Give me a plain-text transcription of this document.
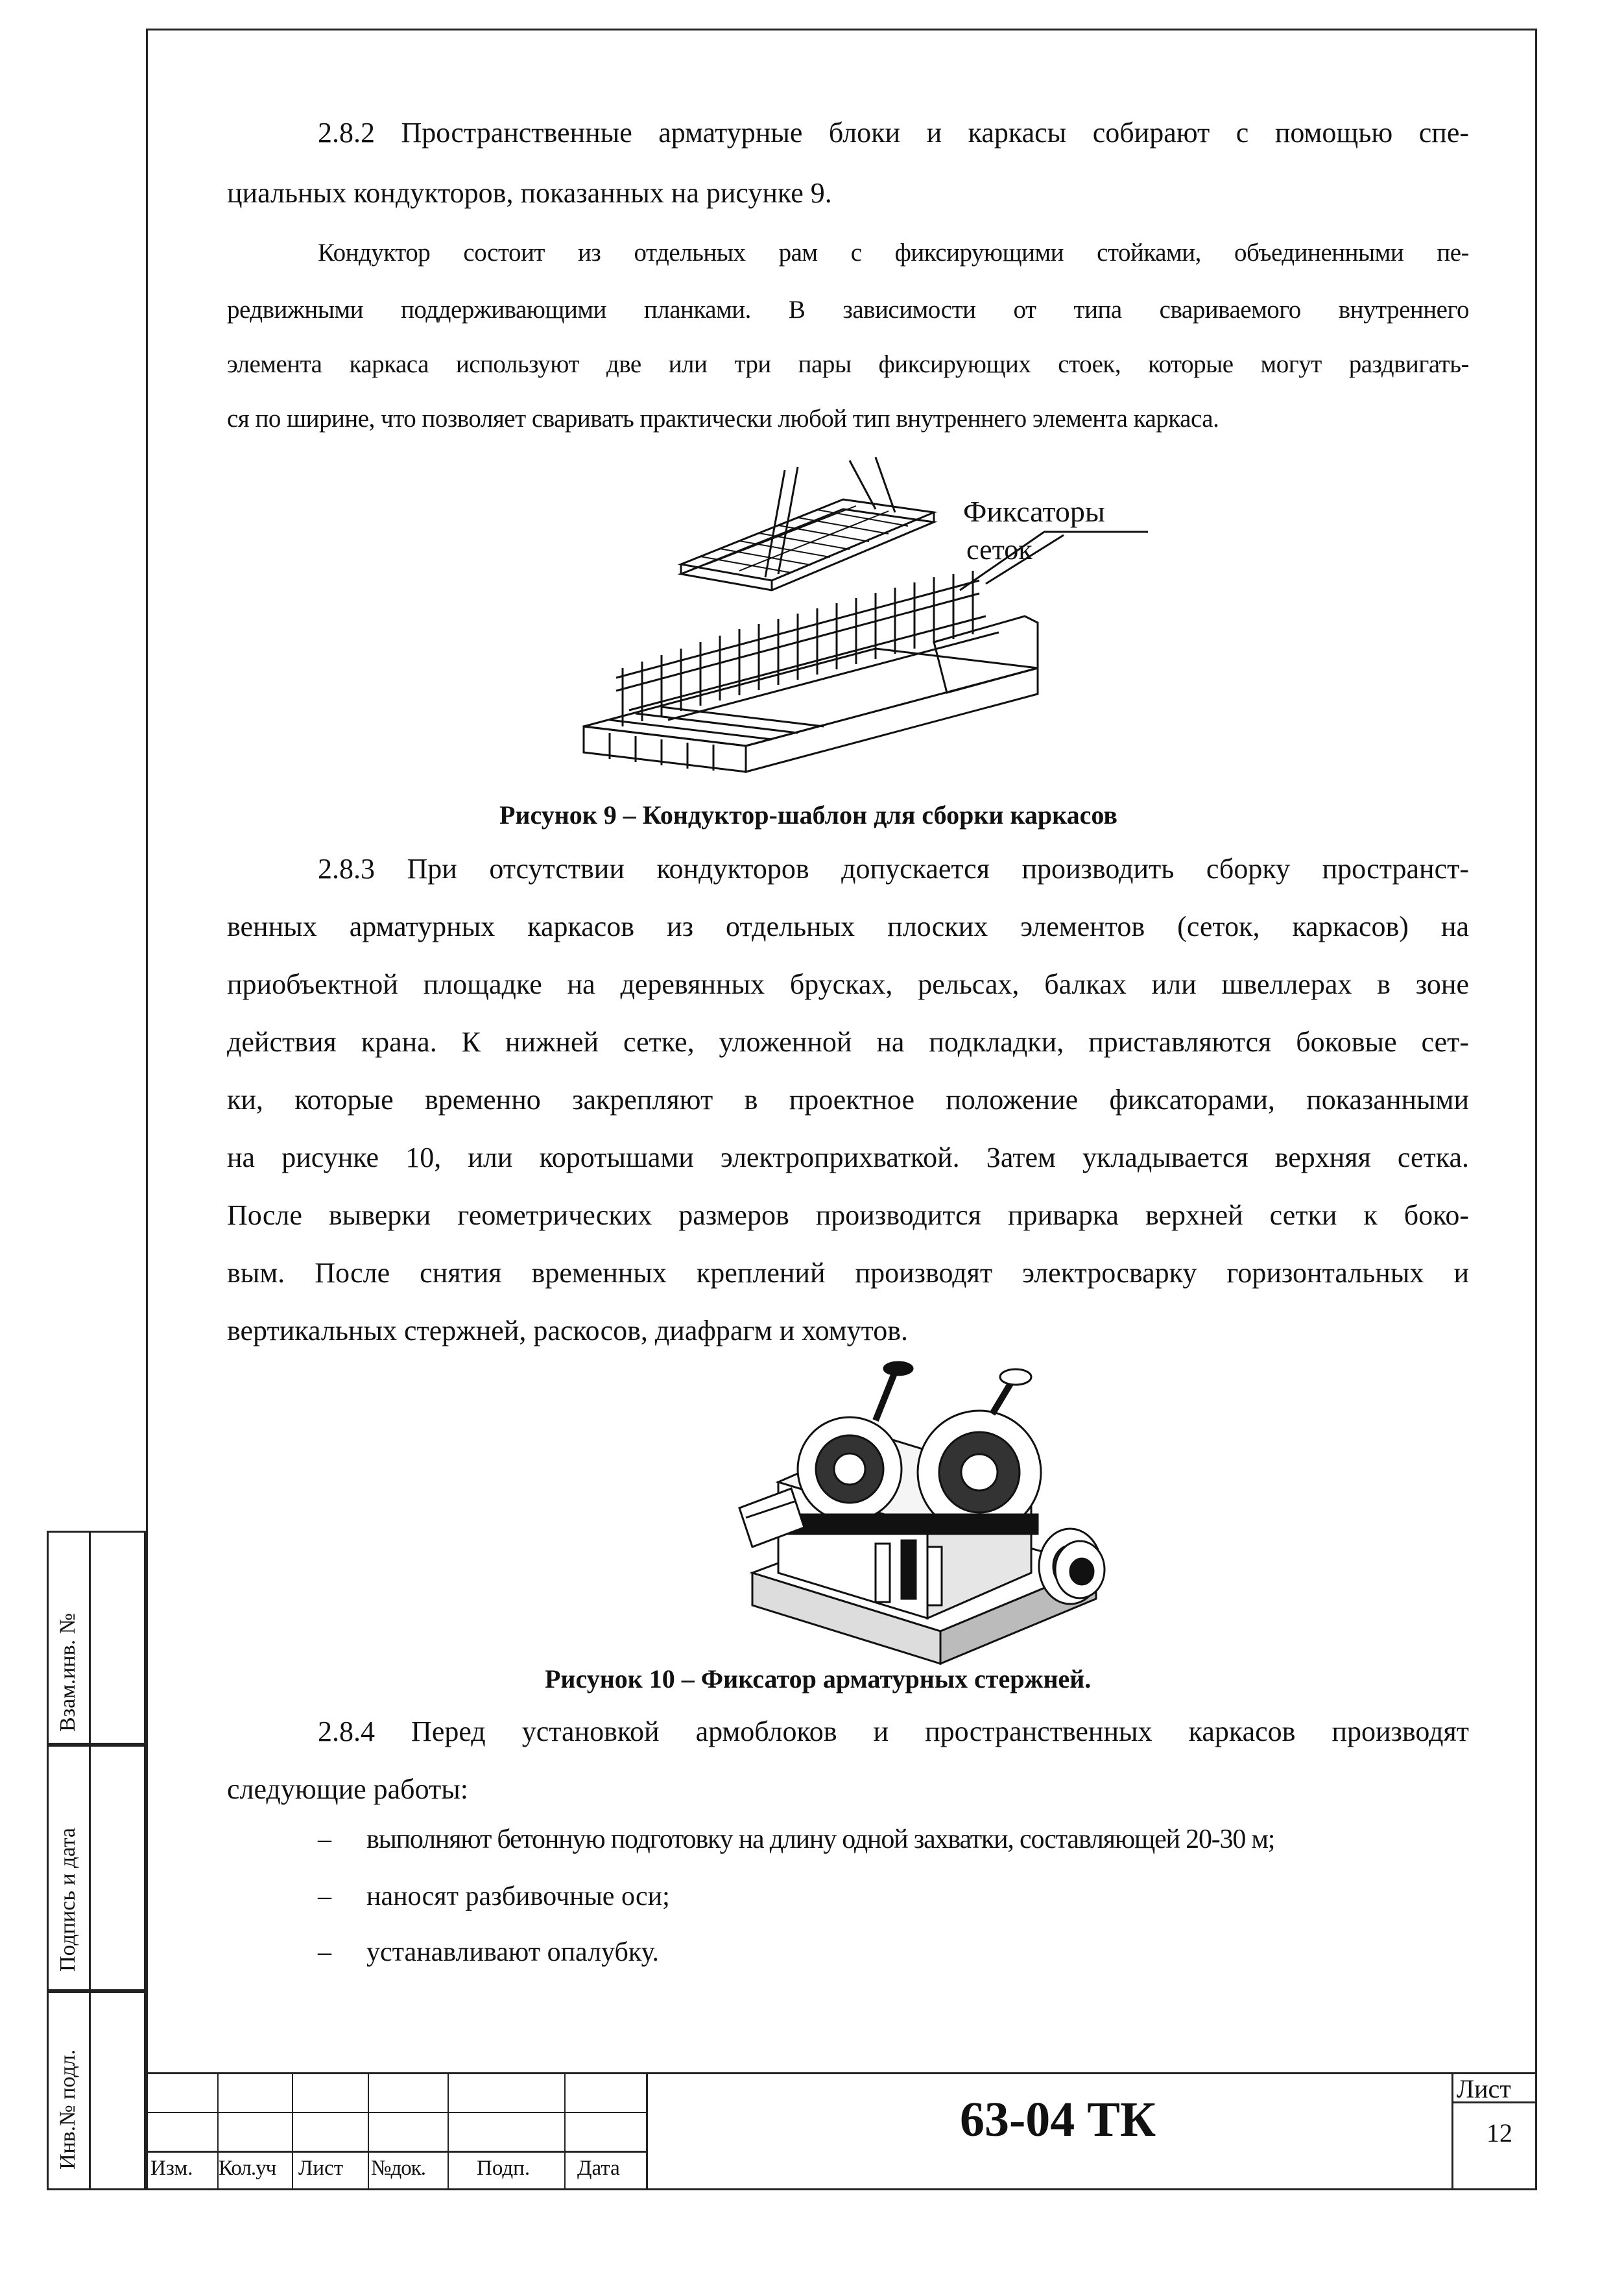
Взам.инв. №
Подпись и дата
Инв.№ подл.
2.8.2 Пространственные арматурные блоки и каркасы собирают с помощью спе-
циальных кондукторов, показанных на рисунке 9.
Кондуктор состоит из отдельных рам с фиксирующими стойками, объединенными пе-
редвижными поддерживающими планками. В зависимости от типа свариваемого внутреннего
элемента каркаса используют две или три пары фиксирующих стоек, которые могут раздвигать-
ся по ширине, что позволяет сваривать практически любой тип внутреннего элемента каркаса.
Фиксаторы
сеток
Рисунок 9 – Кондуктор-шаблон для сборки каркасов
2.8.3 При отсутствии кондукторов допускается производить сборку пространст-
венных арматурных каркасов из отдельных плоских элементов (сеток, каркасов) на
приобъектной площадке на деревянных брусках, рельсах, балках или швеллерах в зоне
действия крана. К нижней сетке, уложенной на подкладки, приставляются боковые сет-
ки, которые временно закрепляют в проектное положение фиксаторами, показанными
на рисунке 10, или коротышами электроприхваткой. Затем укладывается верхняя сетка.
После выверки геометрических размеров производится приварка верхней сетки к боко-
вым. После снятия временных креплений производят электросварку горизонтальных и
вертикальных стержней, раскосов, диафрагм и хомутов.
Рисунок 10 – Фиксатор арматурных стержней.
2.8.4 Перед установкой армоблоков и пространственных каркасов производят
следующие работы:
– выполняют бетонную подготовку на длину одной захватки, составляющей 20-30 м;
– наносят разбивочные оси;
– устанавливают опалубку.
Изм. Кол.уч Лист №док. Подп. Дата
63-04 ТК
Лист
12
